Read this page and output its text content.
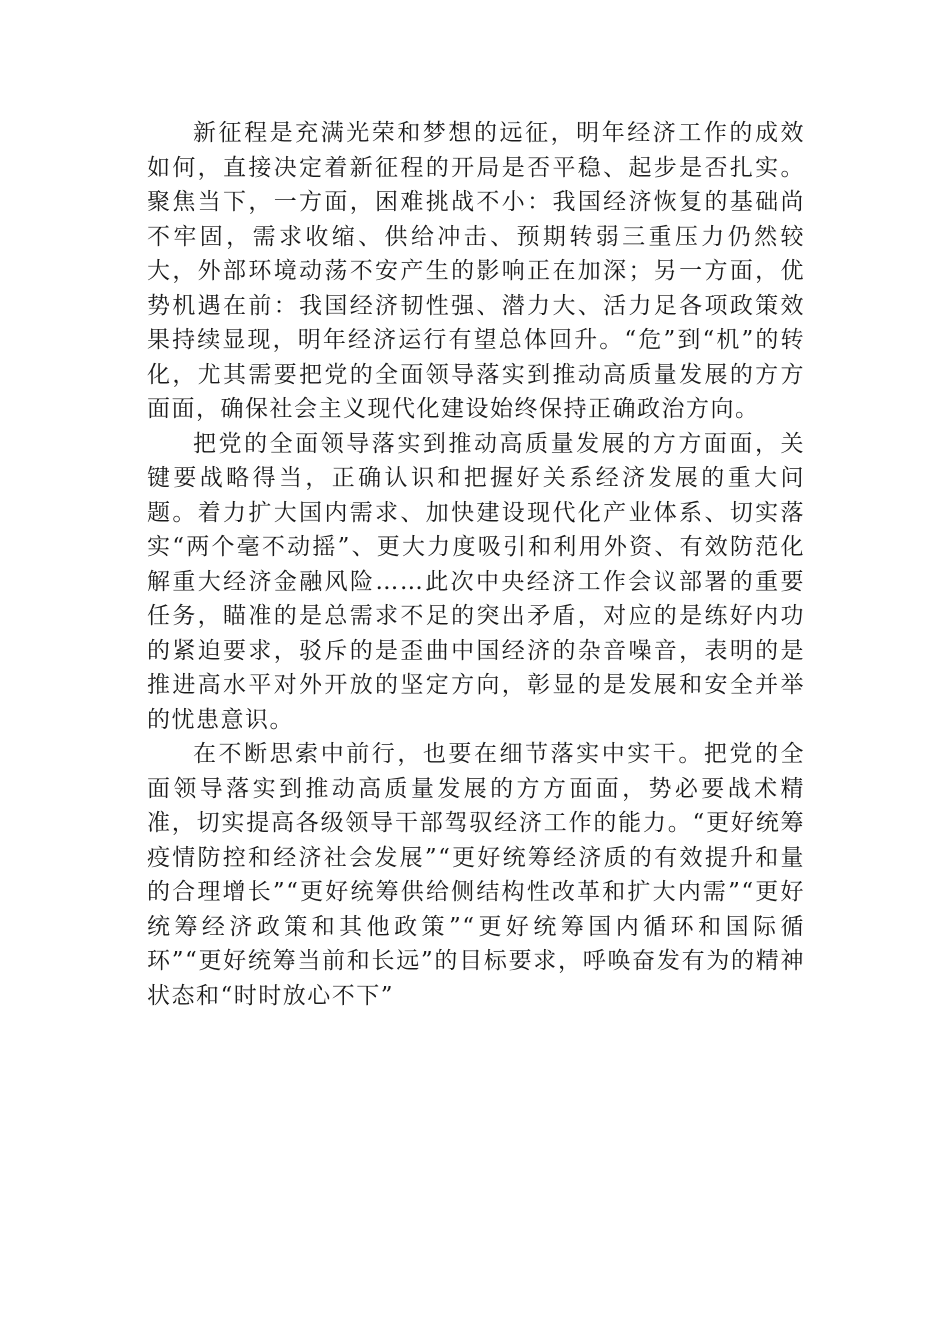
新征程是充满光荣和梦想的远征，明年经济工作的成效如何，直接决定着新征程的开局是否平稳、起步是否扎实。聚焦当下，一方面，困难挑战不小：我国经济恢复的基础尚不牢固，需求收缩、供给冲击、预期转弱三重压力仍然较大，外部环境动荡不安产生的影响正在加深；另一方面，优势机遇在前：我国经济韧性强、潜力大、活力足各项政策效果持续显现，明年经济运行有望总体回升。“危”到“机”的转化，尤其需要把党的全面领导落实到推动高质量发展的方方面面，确保社会主义现代化建设始终保持正确政治方向。

把党的全面领导落实到推动高质量发展的方方面面，关键要战略得当，正确认识和把握好关系经济发展的重大问题。着力扩大国内需求、加快建设现代化产业体系、切实落实“两个毫不动摇”、更大力度吸引和利用外资、有效防范化解重大经济金融风险……此次中央经济工作会议部署的重要任务，瞄准的是总需求不足的突出矛盾，对应的是练好内功的紧迫要求，驳斥的是歪曲中国经济的杂音噪音，表明的是推进高水平对外开放的坚定方向，彰显的是发展和安全并举的忧患意识。

在不断思索中前行，也要在细节落实中实干。把党的全面领导落实到推动高质量发展的方方面面，势必要战术精准，切实提高各级领导干部驾驭经济工作的能力。“更好统筹疫情防控和经济社会发展”“更好统筹经济质的有效提升和量的合理增长”“更好统筹供给侧结构性改革和扩大内需”“更好统筹经济政策和其他政策”“更好统筹国内循环和国际循环”“更好统筹当前和长远”的目标要求，呼唤奋发有为的精神状态和“时时放心不下”
